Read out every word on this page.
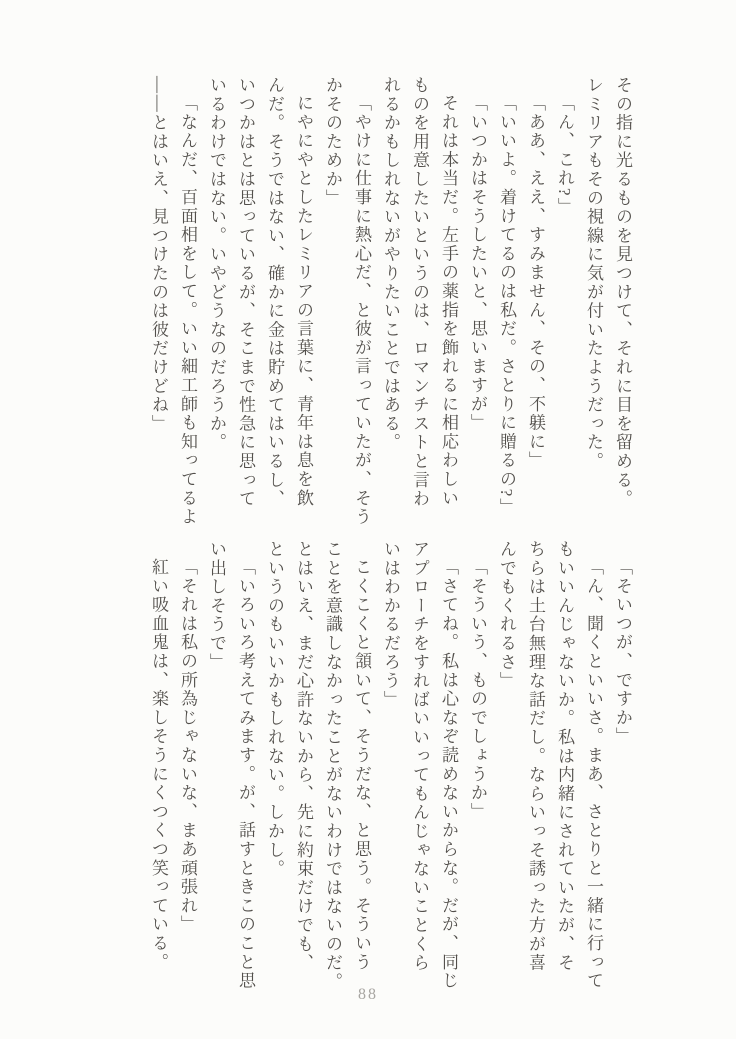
その指に光るものを見つけて、それに目を留める。
レミリアもその視線に気が付いたようだった。
「ん、これ?」
「ああ、ええ、すみません、その、不躾に」
「いいよ。着けてるのは私だ。さとりに贈るの?」
「いつかはそうしたいと、思いますが」
それは本当だ。左手の薬指を飾れるに相応わしい
ものを用意したいというのは、ロマンチストと言わ
れるかもしれないがやりたいことではある。
「やけに仕事に熱心だ、と彼が言っていたが、そう
かそのためか」
にやにやとしたレミリアの言葉に、青年は息を飲
んだ。そうではない、確かに金は貯めてはいるし、
いつかはとは思っているが、そこまで性急に思って
いるわけではない。いやどうなのだろうか。
「なんだ、百面相をして。いい細工師も知ってるよ
――とはいえ、見つけたのは彼だけどね」
「そいつが、ですか」
「ん、聞くといいさ。まあ、さとりと一緒に行って
もいいんじゃないか。私は内緒にされていたが、そ
ちらは土台無理な話だし。ならいっそ誘った方が喜
んでもくれるさ」
「そういう、ものでしょうか」
「さてね。私は心なぞ読めないからな。だが、同じ
アプローチをすればいいってもんじゃないことくら
いはわかるだろう」
こくこくと頷いて、そうだな、と思う。そういう
ことを意識しなかったことがないわけではないのだ。
とはいえ、まだ心許ないから、先に約束だけでも、
というのもいいかもしれない。しかし。
「いろいろ考えてみます。が、話すときこのこと思
い出しそうで」
「それは私の所為じゃないな、まあ頑張れ」
紅い吸血鬼は、楽しそうにくつくつ笑っている。
88
